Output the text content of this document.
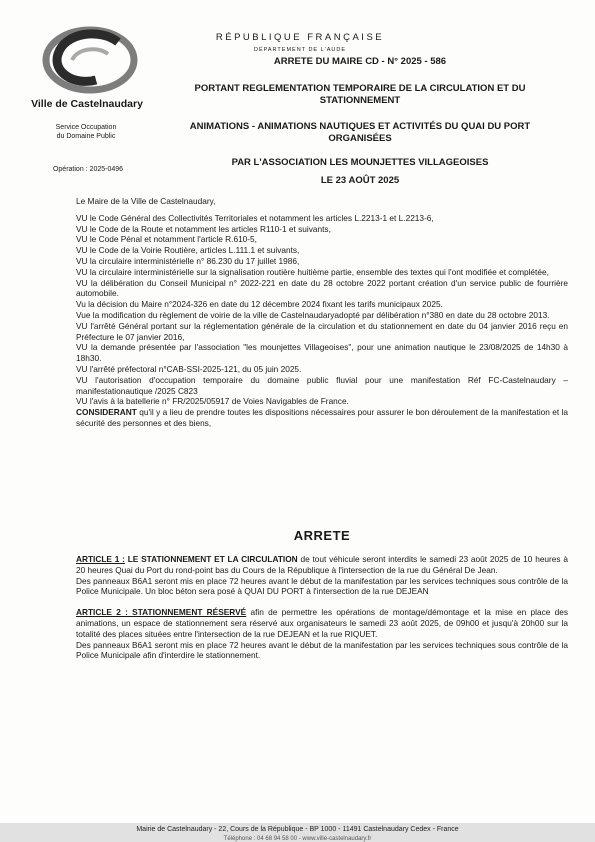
Ville de Castelnaudary
Service Occupation
du Domaine Public
Opération : 2025-0496
RÉPUBLIQUE FRANÇAISE
DÉPARTEMENT DE L'AUDE
ARRETE DU MAIRE CD - N° 2025 - 586
PORTANT REGLEMENTATION TEMPORAIRE DE LA CIRCULATION ET DU
STATIONNEMENT
ANIMATIONS - ANIMATIONS NAUTIQUES ET ACTIVITÉS DU QUAI DU PORT
ORGANISÉES
PAR L'ASSOCIATION LES MOUNJETTES VILLAGEOISES
LE 23 AOÛT 2025

Le Maire de la Ville de Castelnaudary,

VU le Code Général des Collectivités Territoriales et notamment les articles L.2213-1 et L.2213-6,

VU le Code de la Route et notamment les articles R110-1 et suivants,

VU le Code Pénal et notamment l'article R.610-5,

VU le Code de la Voirie Routière, articles L.111.1 et suivants,

VU la circulaire interministérielle n° 86.230 du 17 juillet 1986,

VU la circulaire interministérielle sur la signalisation routière huitième partie, ensemble des textes qui l'ont modifiée et complétée,

VU la délibération du Conseil Municipal n° 2022-221 en date du 28 octobre 2022 portant création d'un service public de fourrière automobile.

Vu la décision du Maire n°2024-326 en date du 12 décembre 2024 fixant les tarifs municipaux 2025.

Vue la modification du règlement de voirie de la ville de Castelnaudaryadopté par délibération n°380 en date du 28 octobre 2013.

VU l'arrêté Général portant sur la réglementation générale de la circulation et du stationnement en date du 04 janvier 2016 reçu en Préfecture le 07 janvier 2016,

VU la demande présentée par l'association "les mounjettes Villageoises", pour une animation nautique le 23/08/2025 de 14h30 à 18h30.

VU l'arrêté préfectoral n°CAB-SSI-2025-121, du 05 juin 2025.

VU l'autorisation d'occupation temporaire du domaine public fluvial pour une manifestation Réf FC-Castelnaudary – manifestationautique /2025 C823

VU l'avis à la batellerie n° FR/2025/05917 de Voies Navigables de France.

CONSIDERANT qu'il y a lieu de prendre toutes les dispositions nécessaires pour assurer le bon déroulement de la manifestation et la sécurité des personnes et des biens,

ARRETE

ARTICLE 1 : LE STATIONNEMENT ET LA CIRCULATION de tout véhicule seront interdits le samedi 23 août 2025 de 10 heures à 20 heures Quai du Port du rond-point bas du Cours de la République à l'intersection de la rue du Général De Jean.

Des panneaux B6A1 seront mis en place 72 heures avant le début de la manifestation par les services techniques sous contrôle de la Police Municipale. Un bloc béton sera posé à QUAI DU PORT à l'intersection de la rue DEJEAN

ARTICLE 2 : STATIONNEMENT RÉSERVÉ afin de permettre les opérations de montage/démontage et la mise en place des animations, un espace de stationnement sera réservé aux organisateurs le samedi 23 août 2025, de 09h00 et jusqu'à 20h00 sur la totalité des places situées entre l'intersection de la rue DEJEAN et la rue RIQUET.

Des panneaux B6A1 seront mis en place 72 heures avant le début de la manifestation par les services techniques sous contrôle de la Police Municipale afin d'interdire le stationnement.

Mairie de Castelnaudary - 22, Cours de la République - BP 1000 - 11491 Castelnaudary Cedex - France
Téléphone : 04 68 94 58 00 - www.ville-castelnaudary.fr
